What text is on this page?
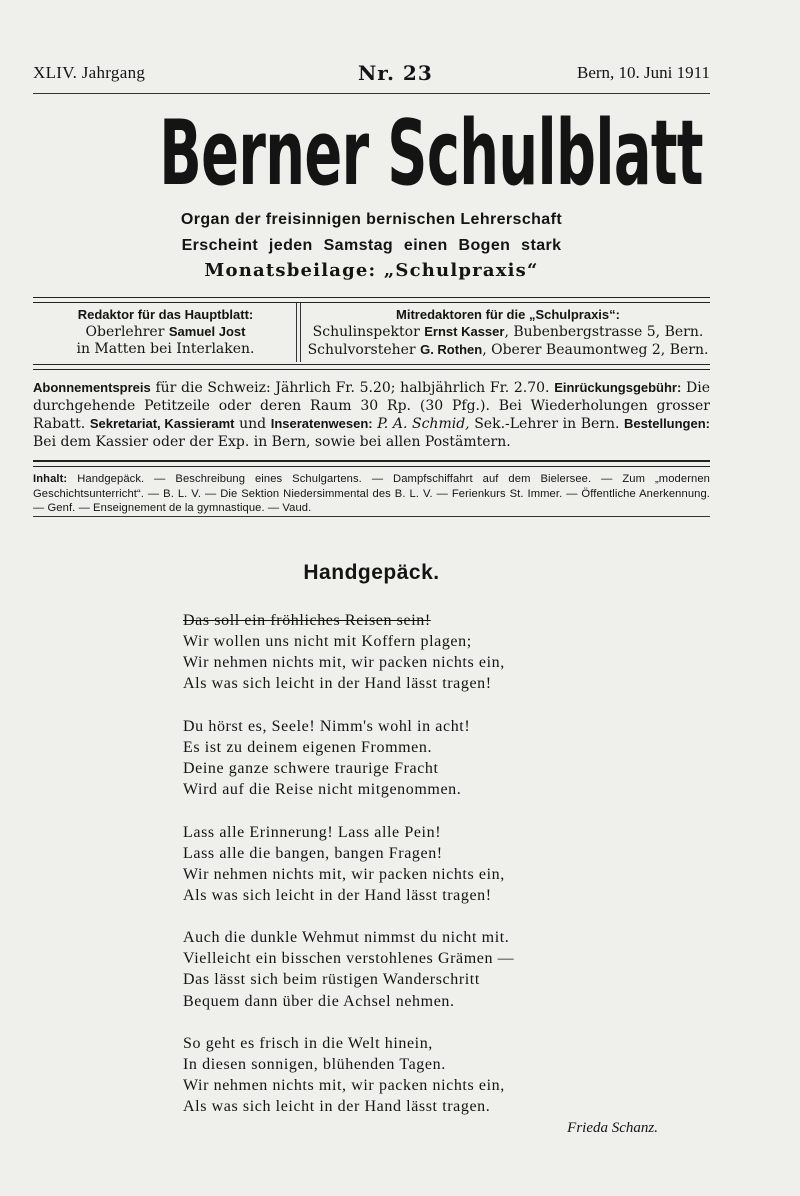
XLIV. Jahrgang	Nr. 23	Bern, 10. Juni 1911
Berner Schulblatt
Organ der freisinnigen bernischen Lehrerschaft
Erscheint jeden Samstag einen Bogen stark
Monatsbeilage: „Schulpraxis“
Redaktor für das Hauptblatt:
Oberlehrer Samuel Jost
in Matten bei Interlaken.
Mitredaktoren für die „Schulpraxis“:
Schulinspektor Ernst Kasser, Bubenbergstrasse 5, Bern.
Schulvorsteher G. Rothen, Oberer Beaumontweg 2, Bern.
Abonnementspreis für die Schweiz: Jährlich Fr. 5.20; halbjährlich Fr. 2.70. Einrückungsgebühr: Die durchgehende Petitzeile oder deren Raum 30 Rp. (30 Pfg.). Bei Wiederholungen grosser Rabatt. Sekretariat, Kassieramt und Inseratenwesen: P. A. Schmid, Sek.-Lehrer in Bern. Bestellungen: Bei dem Kassier oder der Exp. in Bern, sowie bei allen Postämtern.
Inhalt: Handgepäck. — Beschreibung eines Schulgartens. — Dampfschiffahrt auf dem Bielersee. — Zum „modernen Geschichtsunterricht“. — B. L. V. — Die Sektion Niedersimmental des B. L. V. — Ferienkurs St. Immer. — Öffentliche Anerkennung. — Genf. — Enseignement de la gymnastique. — Vaud.
Handgepäck.
Das soll ein fröhliches Reisen sein!
Wir wollen uns nicht mit Koffern plagen;
Wir nehmen nichts mit, wir packen nichts ein,
Als was sich leicht in der Hand lässt tragen!
Du hörst es, Seele! Nimm's wohl in acht!
Es ist zu deinem eigenen Frommen.
Deine ganze schwere traurige Fracht
Wird auf die Reise nicht mitgenommen.
Lass alle Erinnerung! Lass alle Pein!
Lass alle die bangen, bangen Fragen!
Wir nehmen nichts mit, wir packen nichts ein,
Als was sich leicht in der Hand lässt tragen!
Auch die dunkle Wehmut nimmst du nicht mit.
Vielleicht ein bisschen verstohlenes Grämen —
Das lässt sich beim rüstigen Wanderschritt
Bequem dann über die Achsel nehmen.
So geht es frisch in die Welt hinein,
In diesen sonnigen, blühenden Tagen.
Wir nehmen nichts mit, wir packen nichts ein,
Als was sich leicht in der Hand lässt tragen.
Frieda Schanz.
